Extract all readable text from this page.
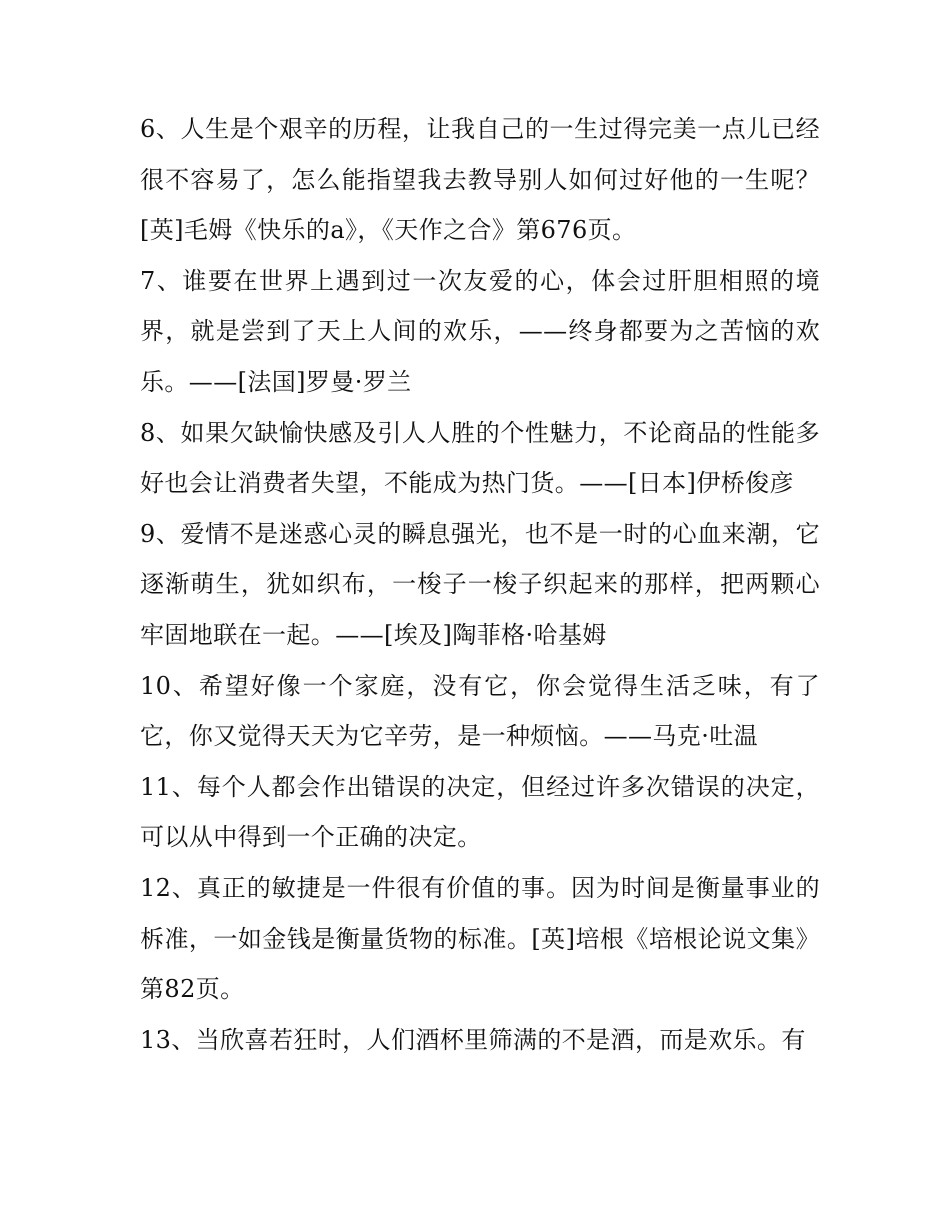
6、人生是个艰辛的历程，让我自己的一生过得完美一点儿已经很不容易了，怎么能指望我去教导别人如何过好他的一生呢？[英]毛姆《快乐的a》，《天作之合》第676页。

7、谁要在世界上遇到过一次友爱的心，体会过肝胆相照的境界，就是尝到了天上人间的欢乐，——终身都要为之苦恼的欢乐。——[法国]罗曼·罗兰

8、如果欠缺愉快感及引人人胜的个性魅力，不论商品的性能多好也会让消费者失望，不能成为热门货。——[日本]伊桥俊彦

9、爱情不是迷惑心灵的瞬息强光，也不是一时的心血来潮，它逐渐萌生，犹如织布，一梭子一梭子织起来的那样，把两颗心牢固地联在一起。——[埃及]陶菲格·哈基姆

10、希望好像一个家庭，没有它，你会觉得生活乏味，有了它，你又觉得天天为它辛劳，是一种烦恼。——马克·吐温

11、每个人都会作出错误的决定，但经过许多次错误的决定，可以从中得到一个正确的决定。

12、真正的敏捷是一件很有价值的事。因为时间是衡量事业的柝准，一如金钱是衡量货物的标准。[英]培根《培根论说文集》第82页。

13、当欣喜若狂时，人们酒杯里筛满的不是酒，而是欢乐。有
